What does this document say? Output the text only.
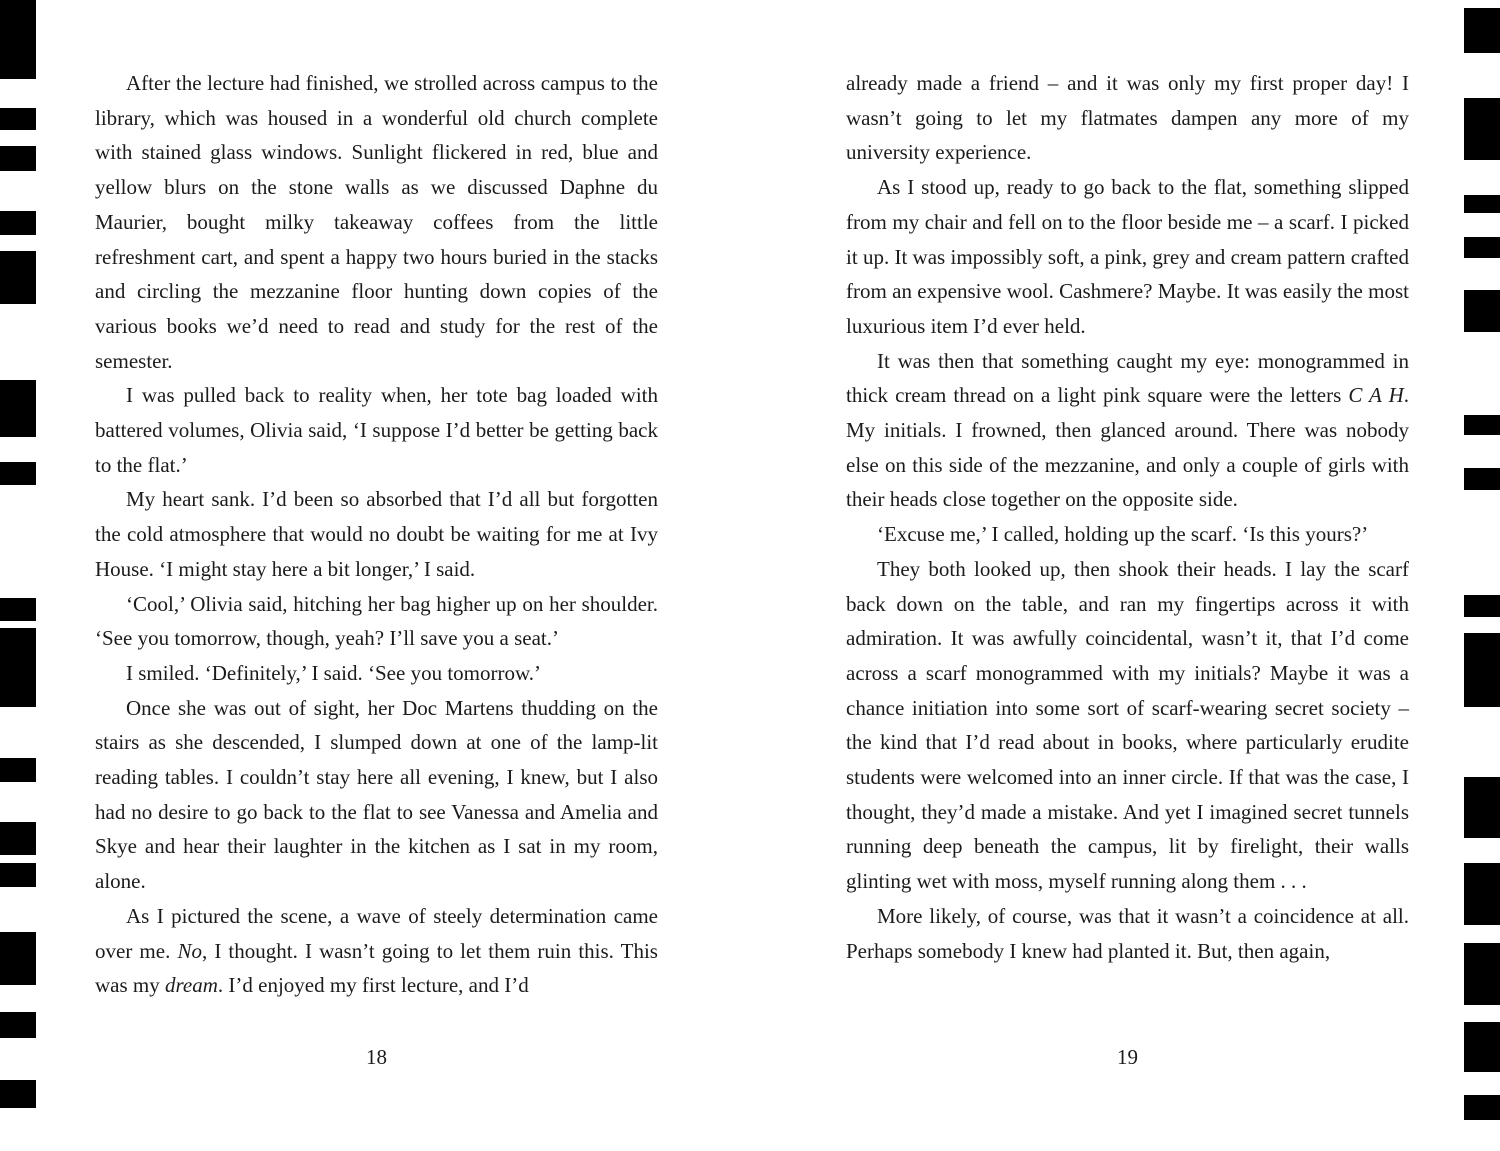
After the lecture had finished, we strolled across campus to the library, which was housed in a wonderful old church complete with stained glass windows. Sunlight flickered in red, blue and yellow blurs on the stone walls as we discussed Daphne du Maurier, bought milky takeaway coffees from the little refreshment cart, and spent a happy two hours buried in the stacks and circling the mezzanine floor hunting down copies of the various books we’d need to read and study for the rest of the semester.

I was pulled back to reality when, her tote bag loaded with battered volumes, Olivia said, ‘I suppose I’d better be getting back to the flat.’

My heart sank. I’d been so absorbed that I’d all but forgotten the cold atmosphere that would no doubt be waiting for me at Ivy House. ‘I might stay here a bit longer,’ I said.

‘Cool,’ Olivia said, hitching her bag higher up on her shoulder. ‘See you tomorrow, though, yeah? I’ll save you a seat.’

I smiled. ‘Definitely,’ I said. ‘See you tomorrow.’

Once she was out of sight, her Doc Martens thudding on the stairs as she descended, I slumped down at one of the lamp-lit reading tables. I couldn’t stay here all evening, I knew, but I also had no desire to go back to the flat to see Vanessa and Amelia and Skye and hear their laughter in the kitchen as I sat in my room, alone.

As I pictured the scene, a wave of steely determination came over me. No, I thought. I wasn’t going to let them ruin this. This was my dream. I’d enjoyed my first lecture, and I’d

already made a friend – and it was only my first proper day! I wasn’t going to let my flatmates dampen any more of my university experience.

As I stood up, ready to go back to the flat, something slipped from my chair and fell on to the floor beside me – a scarf. I picked it up. It was impossibly soft, a pink, grey and cream pattern crafted from an expensive wool. Cashmere? Maybe. It was easily the most luxurious item I’d ever held.

It was then that something caught my eye: monogrammed in thick cream thread on a light pink square were the letters C A H. My initials. I frowned, then glanced around. There was nobody else on this side of the mezzanine, and only a couple of girls with their heads close together on the opposite side.

‘Excuse me,’ I called, holding up the scarf. ‘Is this yours?’

They both looked up, then shook their heads. I lay the scarf back down on the table, and ran my fingertips across it with admiration. It was awfully coincidental, wasn’t it, that I’d come across a scarf monogrammed with my initials? Maybe it was a chance initiation into some sort of scarf-wearing secret society – the kind that I’d read about in books, where particularly erudite students were welcomed into an inner circle. If that was the case, I thought, they’d made a mistake. And yet I imagined secret tunnels running deep beneath the campus, lit by firelight, their walls glinting wet with moss, myself running along them . . .

More likely, of course, was that it wasn’t a coincidence at all. Perhaps somebody I knew had planted it. But, then again,

18	19
